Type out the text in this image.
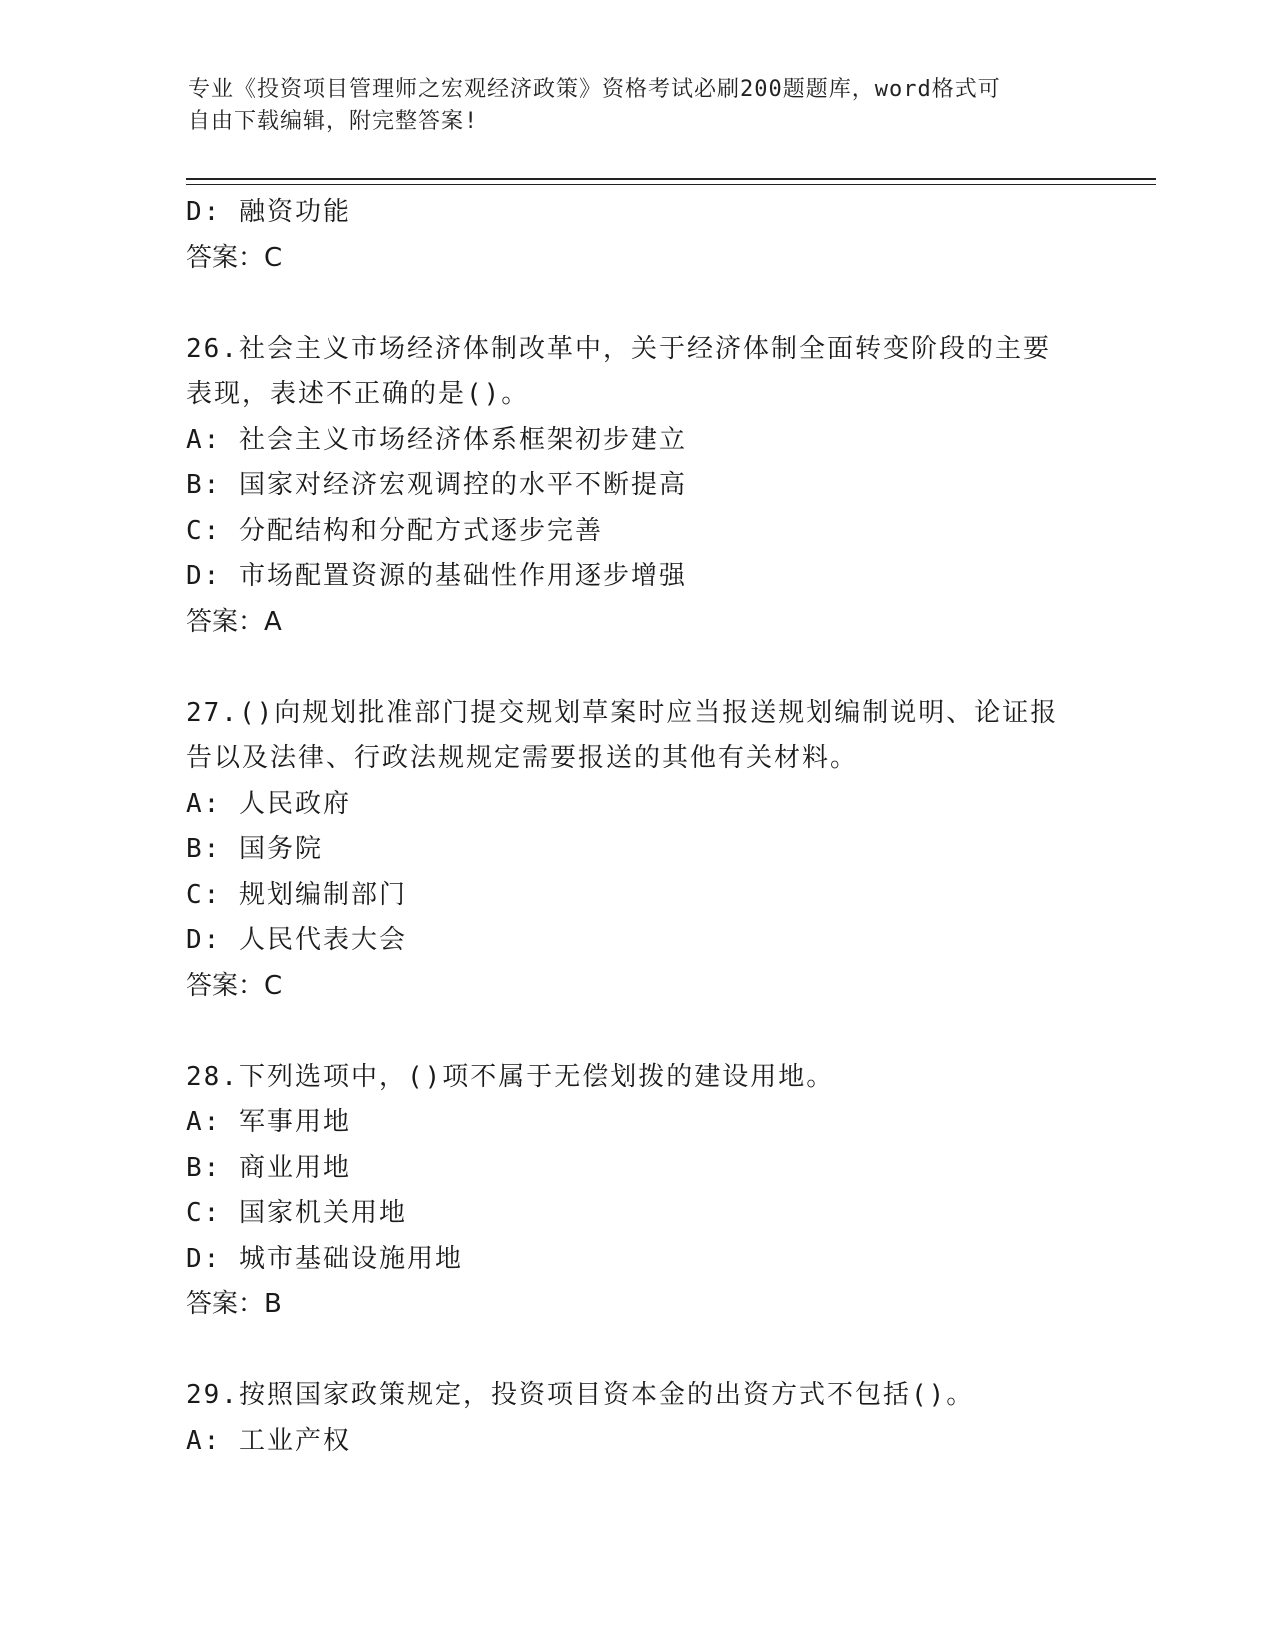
专业《投资项目管理师之宏观经济政策》资格考试必刷200题题库，word格式可
自由下载编辑，附完整答案!
D: 融资功能
答案：C
26.社会主义市场经济体制改革中，关于经济体制全面转变阶段的主要
表现，表述不正确的是()。
A: 社会主义市场经济体系框架初步建立
B: 国家对经济宏观调控的水平不断提高
C: 分配结构和分配方式逐步完善
D: 市场配置资源的基础性作用逐步增强
答案：A
27.()向规划批准部门提交规划草案时应当报送规划编制说明、论证报
告以及法律、行政法规规定需要报送的其他有关材料。
A: 人民政府
B: 国务院
C: 规划编制部门
D: 人民代表大会
答案：C
28.下列选项中，()项不属于无偿划拨的建设用地。
A: 军事用地
B: 商业用地
C: 国家机关用地
D: 城市基础设施用地
答案：B
29.按照国家政策规定，投资项目资本金的出资方式不包括()。
A: 工业产权
